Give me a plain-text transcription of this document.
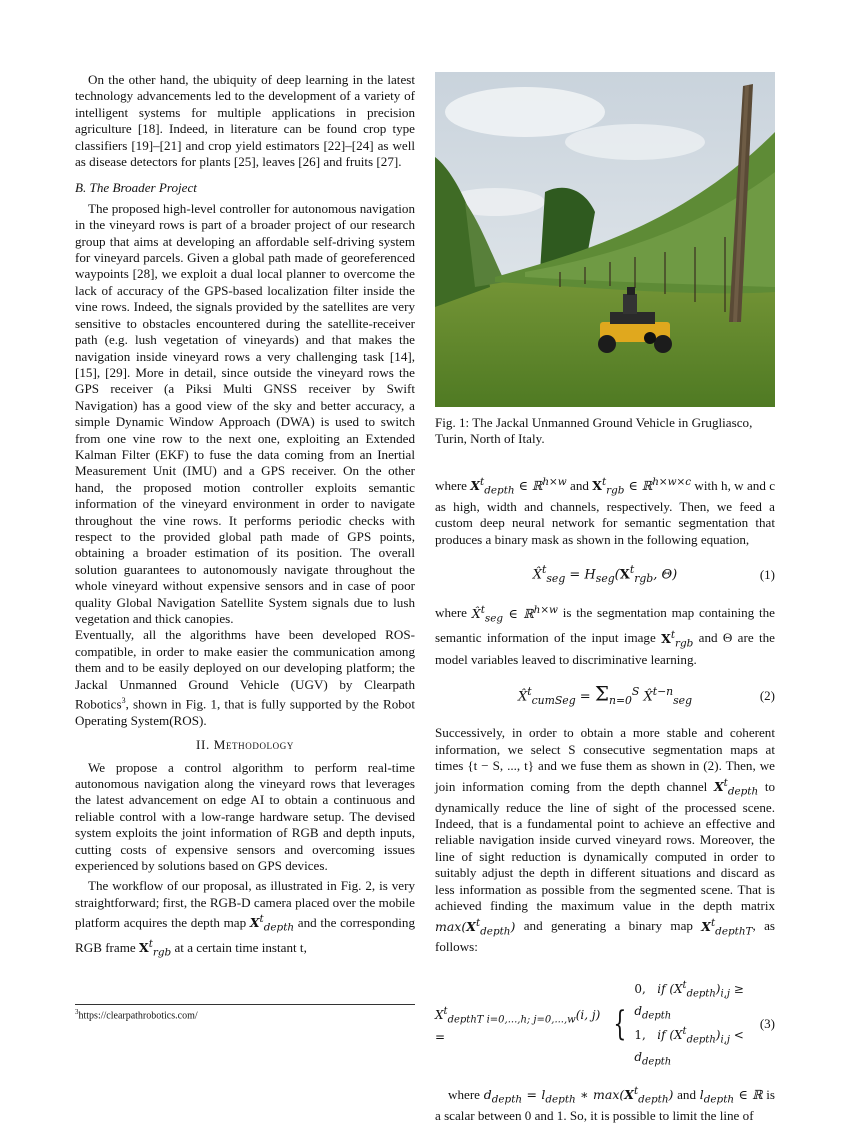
On the other hand, the ubiquity of deep learning in the latest technology advancements led to the development of a variety of intelligent systems for multiple applications in precision agriculture [18]. Indeed, in literature can be found crop type classifiers [19]–[21] and crop yield estimators [22]–[24] as well as disease detectors for plants [25], leaves [26] and fruits [27].

B. The Broader Project

The proposed high-level controller for autonomous navigation in the vineyard rows is part of a broader project of our research group that aims at developing an affordable self-driving system for vineyard parcels. Given a global path made of georeferenced waypoints [28], we exploit a dual local planner to overcome the lack of accuracy of the GPS-based localization filter inside the vine rows. Indeed, the signals provided by the satellites are very sensitive to obstacles encountered during the satellite-receiver path (e.g. lush vegetation of vineyards) and that makes the navigation inside vineyard rows a very challenging task [14], [15], [29]. More in detail, since outside the vineyard rows the GPS receiver (a Piksi Multi GNSS receiver by Swift Navigation) has a good view of the sky and better accuracy, a simple Dynamic Window Approach (DWA) is used to switch from one vine row to the next one, exploiting an Extended Kalman Filter (EKF) to fuse the data coming from an Inertial Measurement Unit (IMU) and a GPS receiver. On the other hand, the proposed motion controller exploits semantic information of the vineyard environment in order to navigate throughout the vine rows. It performs periodic checks with respect to the provided global path made of GPS points, obtaining a broader estimation of its position. The overall solution guarantees to autonomously navigate throughout the whole vineyard without expensive sensors and in case of poor quality Global Navigation Satellite System signals due to lush vegetation and thick canopies.

Eventually, all the algorithms have been developed ROS-compatible, in order to make easier the communication among them and to be easily deployed on our developing platform; the Jackal Unmanned Ground Vehicle (UGV) by Clearpath Robotics$^3$, shown in Fig. 1, that is fully supported by the Robot Operating System(ROS).

II. Methodology

We propose a control algorithm to perform real-time autonomous navigation along the vineyard rows that leverages the latest advancement on edge AI to obtain a continuous and reliable control with a low-range hardware setup. The devised system exploits the joint information of RGB and depth inputs, cutting costs of expensive sensors and overcoming issues experienced by solutions based on GPS devices.

The workflow of our proposal, as illustrated in Fig. 2, is very straightforward; first, the RGB-D camera placed over the mobile platform acquires the depth map $X^t_{depth}$ and the corresponding RGB frame $X^t_{rgb}$ at a certain time instant t,

$^3$https://clearpathrobotics.com/

Fig. 1: The Jackal Unmanned Ground Vehicle in Grugliasco, Turin, North of Italy.

where $X^t_{depth}$ ∈ ℝ$^{h\times w}$ and $X^t_{rgb}$ ∈ ℝ$^{h\times w\times c}$ with h, w and c as high, width and channels, respectively. Then, we feed a custom deep neural network for semantic segmentation that produces a binary mask as shown in the following equation,

X̂$^t_{seg}$ = $H_{seg}(X^t_{rgb}$, Θ)	(1)

where X̂$^t_{seg}$ ∈ ℝ$^{h\times w}$ is the segmentation map containing the semantic information of the input image $X^t_{rgb}$ and Θ are the model variables leaved to discriminative learning.

X̂$^t_{cumSeg}$ = $\Sigma_{n=0}^S$ X̂$^{t-n}_{seg}$	(2)

Successively, in order to obtain a more stable and coherent information, we select S consecutive segmentation maps at times {t − S, ..., t} and we fuse them as shown in (2). Then, we join information coming from the depth channel $X^t_{depth}$ to dynamically reduce the line of sight of the processed scene. Indeed, that is a fundamental point to achieve an effective and reliable navigation inside curved vineyard rows. Moreover, the line of sight reduction is dynamically computed in order to suitably adjust the depth in different situations and discard as less information as possible from the segmented scene. That is achieved finding the maximum value in the depth matrix $\max(X^t_{depth})$ and generating a binary map $X^t_{depthT}$, as follows:

$X^t_{depthT i=0,...,h; j=0,...,w}(i$, j) =	{
0,   if $(X^t_{depth})_{i,j} \ge d_{depth}$
1,   if $(X^t_{depth})_{i,j} < d_{depth}$
(3)

where $d_{depth} = l_{depth}$ ∗ $\max(X^t_{depth})$ and $l_{depth}$ ∈ ℝ is a scalar between 0 and 1. So, it is possible to limit the line of
